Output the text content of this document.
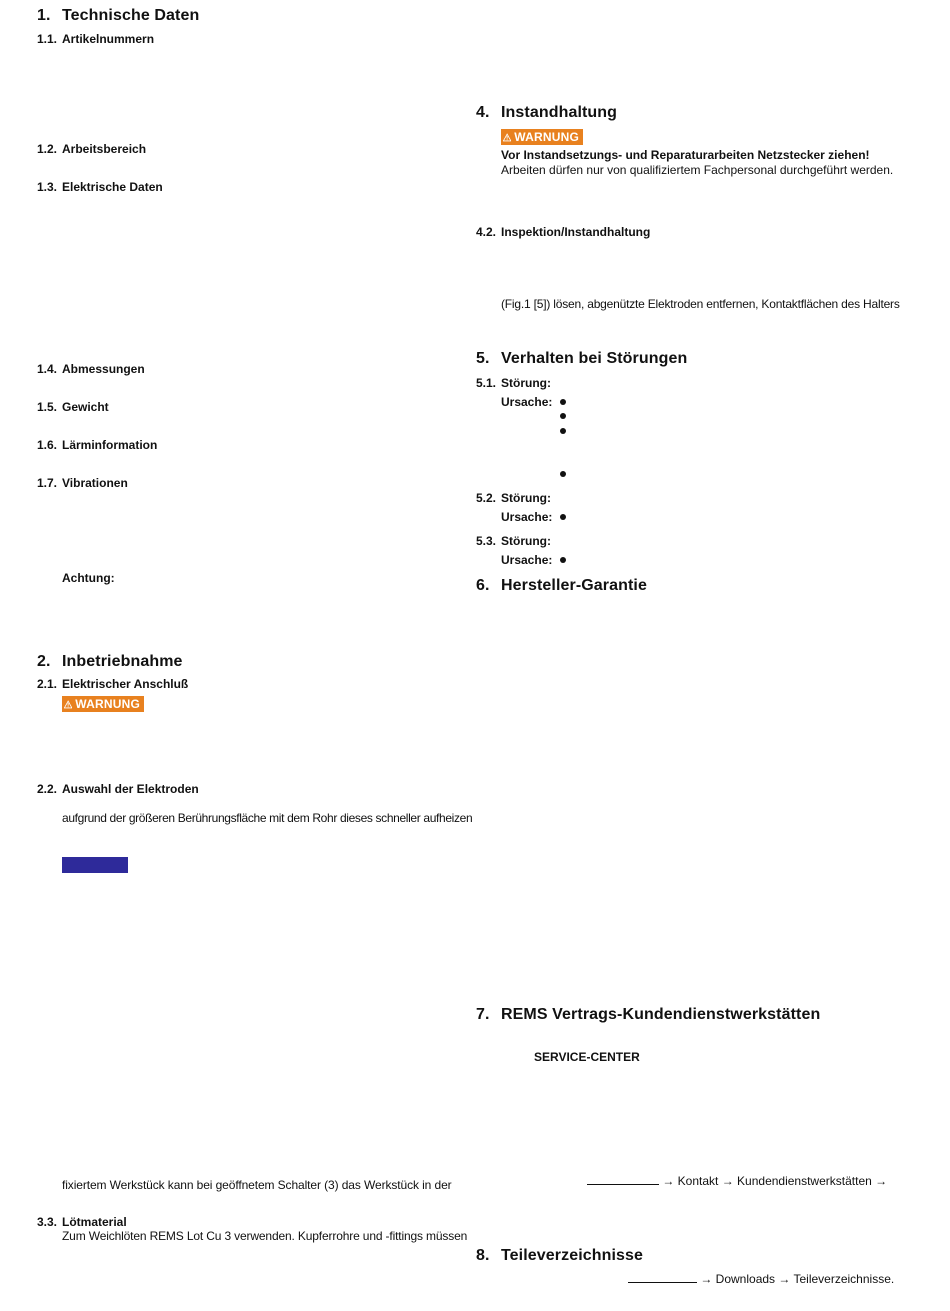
1. Technische Daten
1.1. Artikelnummern
1.2. Arbeitsbereich
1.3. Elektrische Daten
1.4. Abmessungen
1.5. Gewicht
1.6. Lärminformation
1.7. Vibrationen
Achtung:
2. Inbetriebnahme
2.1. Elektrischer Anschluß
WARNUNG
2.2. Auswahl der Elektroden
aufgrund der größeren Berührungsfläche mit dem Rohr dieses schneller aufheizen
fixiertem Werkstück kann bei geöffnetem Schalter (3) das Werkstück in der
3.3. Lötmaterial
Zum Weichlöten REMS Lot Cu 3 verwenden. Kupferrohre und -fittings müssen
4. Instandhaltung
WARNUNG
Vor Instandsetzungs- und Reparaturarbeiten Netzstecker ziehen!
Arbeiten dürfen nur von qualifiziertem Fachpersonal durchgeführt werden.
4.2. Inspektion/Instandhaltung
(Fig.1 [5]) lösen, abgenützte Elektroden entfernen, Kontaktflächen des Halters
5. Verhalten bei Störungen
5.1. Störung:
Ursache:
5.2. Störung:
Ursache:
5.3. Störung:
Ursache:
6. Hersteller-Garantie
7. REMS Vertrags-Kundendienstwerkstätten
SERVICE-CENTER
→ Kontakt → Kundendienstwerkstätten →
8. Teileverzeichnisse
→ Downloads → Teileverzeichnisse.
